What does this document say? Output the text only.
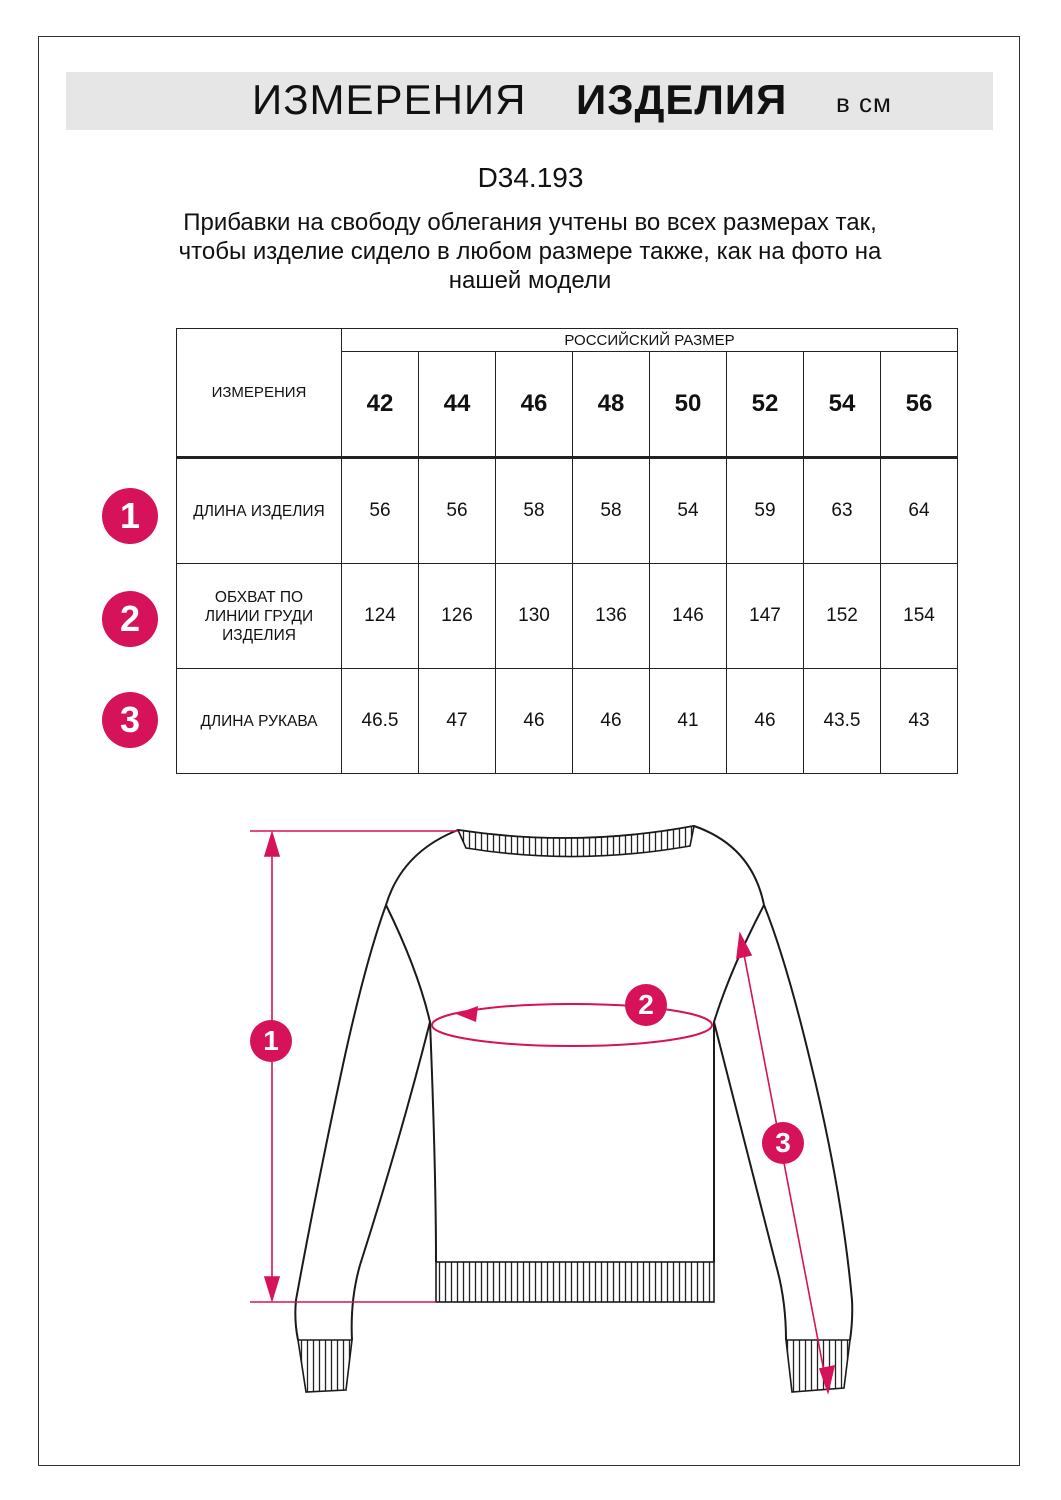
ИЗМЕРЕНИЯ ИЗДЕЛИЯ в см
D34.193
Прибавки на свободу облегания учтены во всех размерах так,
чтобы изделие сидело в любом размере также, как на фото на
нашей модели
ИЗМЕРЕНИЯ	РОССИЙСКИЙ РАЗМЕР							
	42	44	46	48	50	52	54	56
ДЛИНА ИЗДЕЛИЯ	56	56	58	58	54	59	63	64

ОБХВАТ ПО
ЛИНИИ ГРУДИ
ИЗДЕЛИЯ	124	126	130	136	146	147	152	154
ДЛИНА РУКАВА	46.5	47	46	46	41	46	43.5	43
1
2
3
1
2
3
